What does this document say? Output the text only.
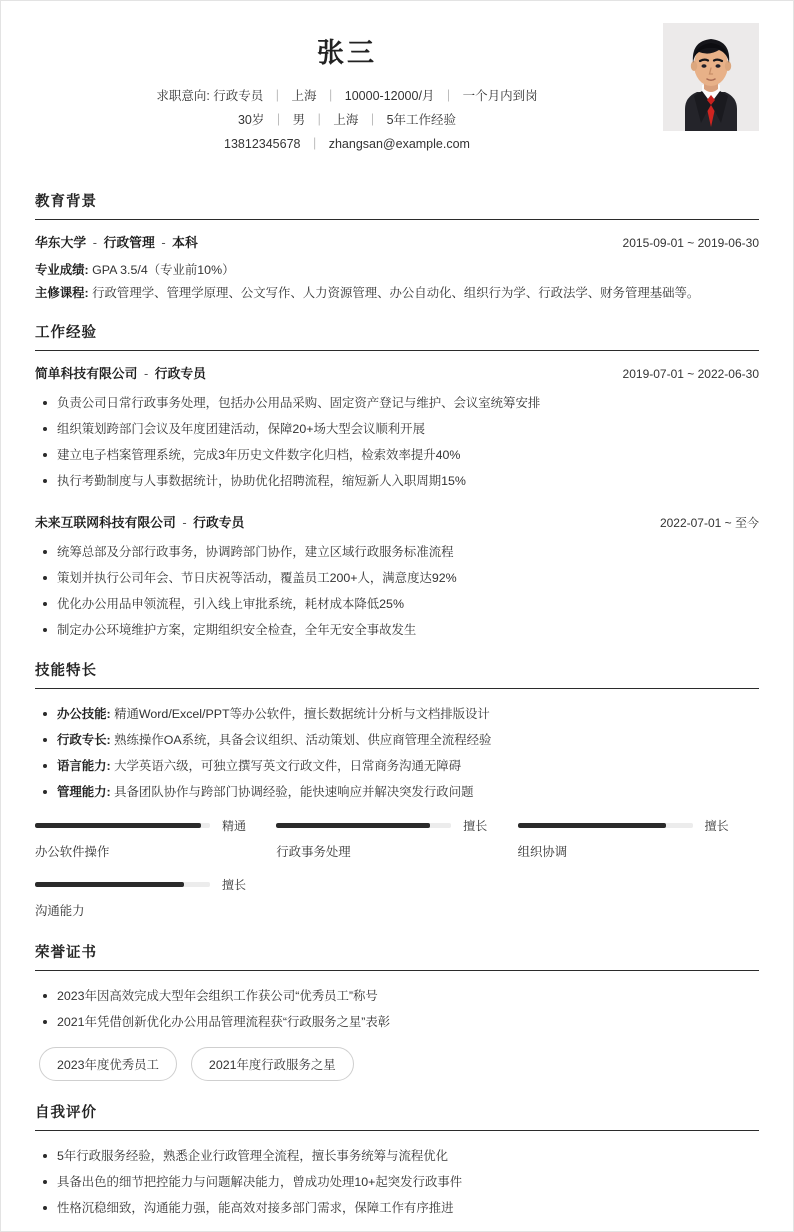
张三
求职意向: 行政专员 | 上海 | 10000-12000/月 | 一个月内到岗
30岁 | 男 | 上海 | 5年工作经验
13812345678 | zhangsan@example.com
教育背景
华东大学 - 行政管理 - 本科	2015-09-01 ~ 2019-06-30
专业成绩: GPA 3.5/4（专业前10%）
主修课程: 行政管理学、管理学原理、公文写作、人力资源管理、办公自动化、组织行为学、行政法学、财务管理基础等。
工作经验
简单科技有限公司 - 行政专员	2019-07-01 ~ 2022-06-30
负责公司日常行政事务处理，包括办公用品采购、固定资产登记与维护、会议室统筹安排
组织策划跨部门会议及年度团建活动，保障20+场大型会议顺利开展
建立电子档案管理系统，完成3年历史文件数字化归档，检索效率提升40%
执行考勤制度与人事数据统计，协助优化招聘流程，缩短新人入职周期15%
未来互联网科技有限公司 - 行政专员	2022-07-01 ~ 至今
统筹总部及分部行政事务，协调跨部门协作，建立区域行政服务标准流程
策划并执行公司年会、节日庆祝等活动，覆盖员工200+人，满意度达92%
优化办公用品申领流程，引入线上审批系统，耗材成本降低25%
制定办公环境维护方案，定期组织安全检查，全年无安全事故发生
技能特长
办公技能: 精通Word/Excel/PPT等办公软件，擅长数据统计分析与文档排版设计
行政专长: 熟练操作OA系统，具备会议组织、活动策划、供应商管理全流程经验
语言能力: 大学英语六级，可独立撰写英文行政文件，日常商务沟通无障碍
管理能力: 具备团队协作与跨部门协调经验，能快速响应并解决突发行政问题
精通
办公软件操作
擅长
行政事务处理
擅长
组织协调
擅长
沟通能力
荣誉证书
2023年因高效完成大型年会组织工作获公司“优秀员工”称号
2021年凭借创新优化办公用品管理流程获“行政服务之星”表彰
2023年度优秀员工	2021年度行政服务之星
自我评价
5年行政服务经验，熟悉企业行政管理全流程，擅长事务统筹与流程优化
具备出色的细节把控能力与问题解决能力，曾成功处理10+起突发行政事件
性格沉稳细致，沟通能力强，能高效对接多部门需求，保障工作有序推进
